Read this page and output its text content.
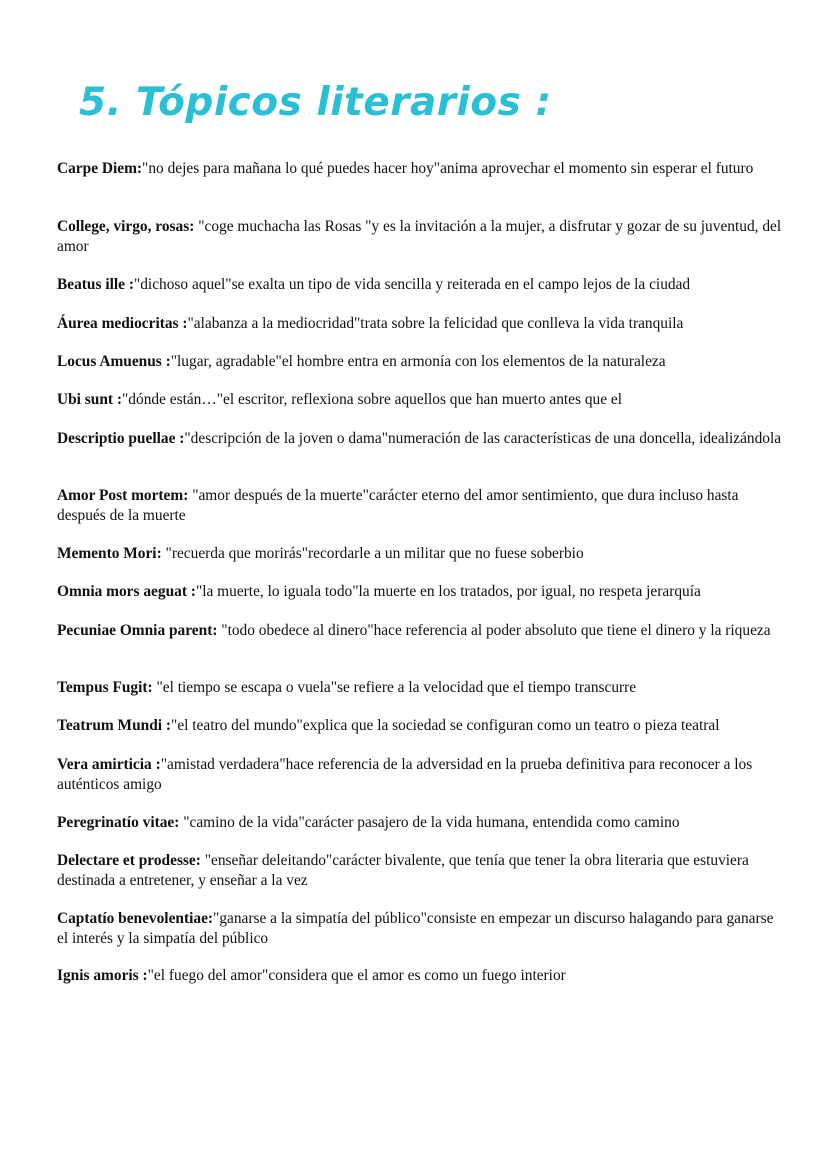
5. Tópicos literarios :

Carpe Diem:"no dejes para mañana lo qué puedes hacer hoy"anima aprovechar el momento sin esperar el futuro

College, virgo, rosas: "coge muchacha las Rosas "y es la invitación a la mujer, a disfrutar y gozar de su juventud, del amor

Beatus ille :"dichoso aquel"se exalta un tipo de vida sencilla y reiterada en el campo lejos de la ciudad

Áurea mediocritas :"alabanza a la mediocridad"trata sobre la felicidad que conlleva la vida tranquila

Locus Amuenus :"lugar, agradable"el hombre entra en armonía con los elementos de la naturaleza

Ubi sunt :"dónde están…"el escritor, reflexiona sobre aquellos que han muerto antes que el

Descriptio puellae :"descripción de la joven o dama"numeración de las características de una doncella, idealizándola

Amor Post mortem: "amor después de la muerte"carácter eterno del amor sentimiento, que dura incluso hasta después de la muerte

Memento Mori: "recuerda que morirás"recordarle a un militar que no fuese soberbio

Omnia mors aeguat :"la muerte, lo iguala todo"la muerte en los tratados, por igual, no respeta jerarquía

Pecuniae Omnia parent: "todo obedece al dinero"hace referencia al poder absoluto que tiene el dinero y la riqueza

Tempus Fugit: "el tiempo se escapa o vuela"se refiere a la velocidad que el tiempo transcurre

Teatrum Mundi :"el teatro del mundo"explica que la sociedad se configuran como un teatro o pieza teatral

Vera amirticia :"amistad verdadera"hace referencia de la adversidad en la prueba definitiva para reconocer a los auténticos amigo

Peregrinatío vitae: "camino de la vida"carácter pasajero de la vida humana, entendida como camino

Delectare et prodesse: "enseñar deleitando"carácter bivalente, que tenía que tener la obra literaria que estuviera destinada a entretener, y enseñar a la vez

Captatío benevolentiae:"ganarse a la simpatía del público"consiste en empezar un discurso halagando para ganarse el interés y la simpatía del público

Ignis amoris :"el fuego del amor"considera que el amor es como un fuego interior
